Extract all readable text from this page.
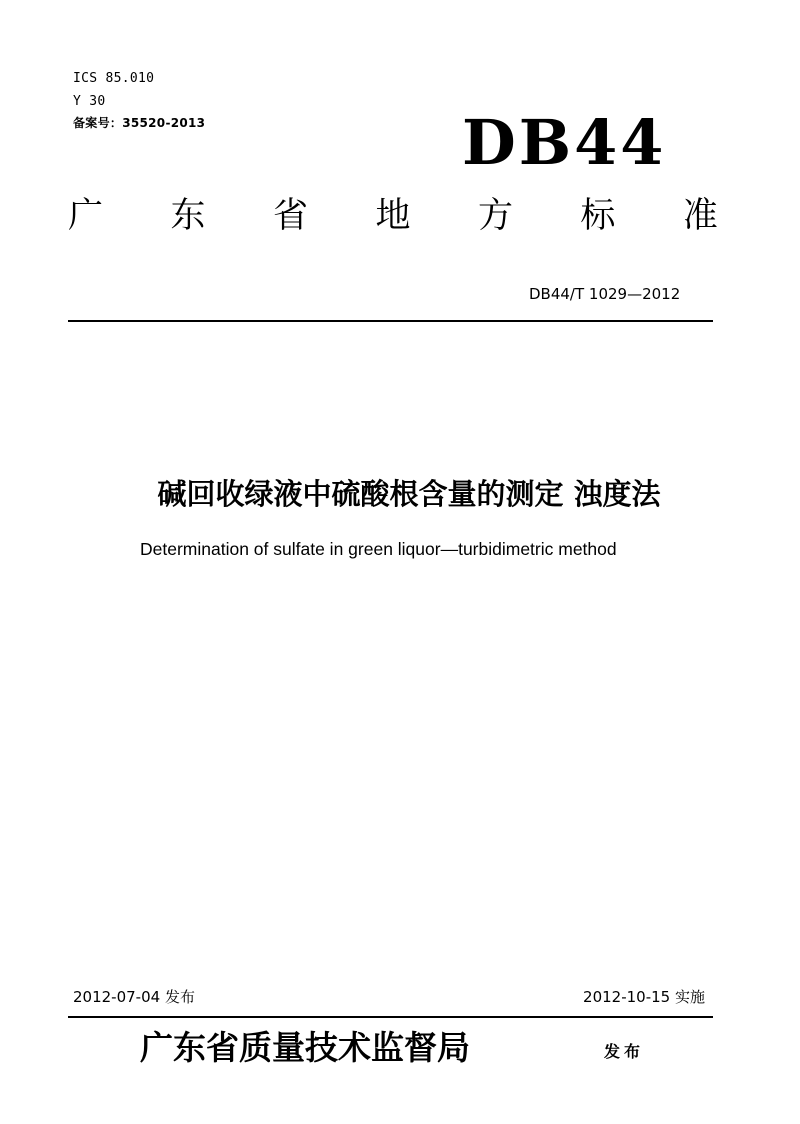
ICS 85.010
Y 30
备案号：35520-2013	DB44
广 东 省 地 方 标 准
DB44/T 1029—2012
碱回收绿液中硫酸根含量的测定 浊度法
Determination of sulfate in green liquor—turbidimetric method
2012-07-04 发布	2012-10-15 实施
广东省质量技术监督局	发布
